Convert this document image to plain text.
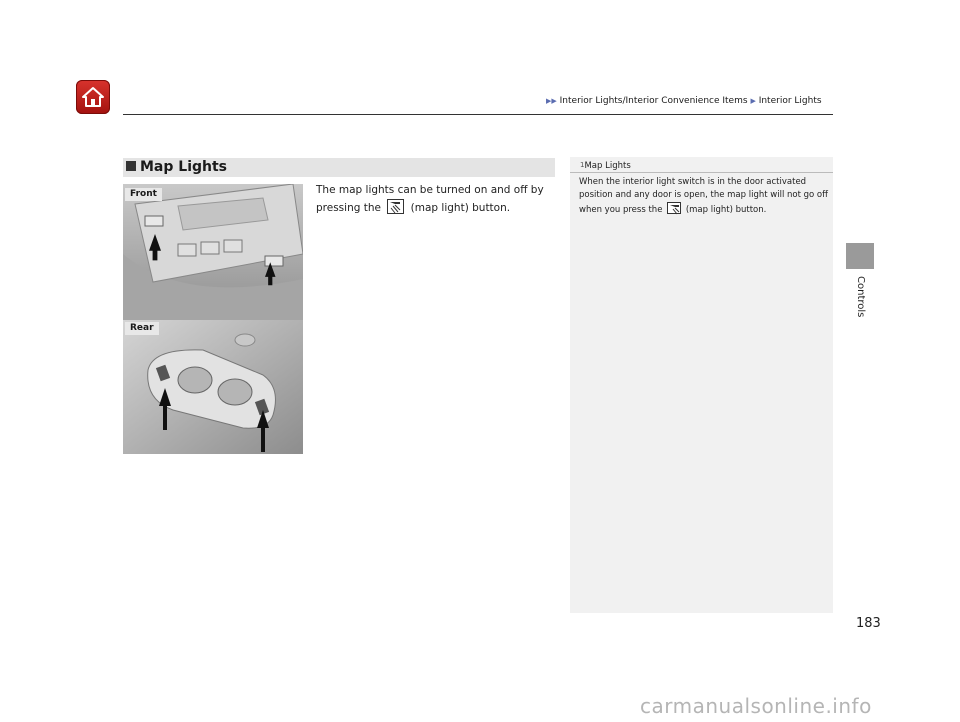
▶▶ Interior Lights/Interior Convenience Items ▶ Interior Lights
Controls
Map Lights
The map lights can be turned on and off by pressing the	(map light) button.
Front
Rear
1Map Lights
When the interior light switch is in the door activated position and any door is open, the map light will not go off when you press the	(map light) button.
183
carmanualsonline.info
